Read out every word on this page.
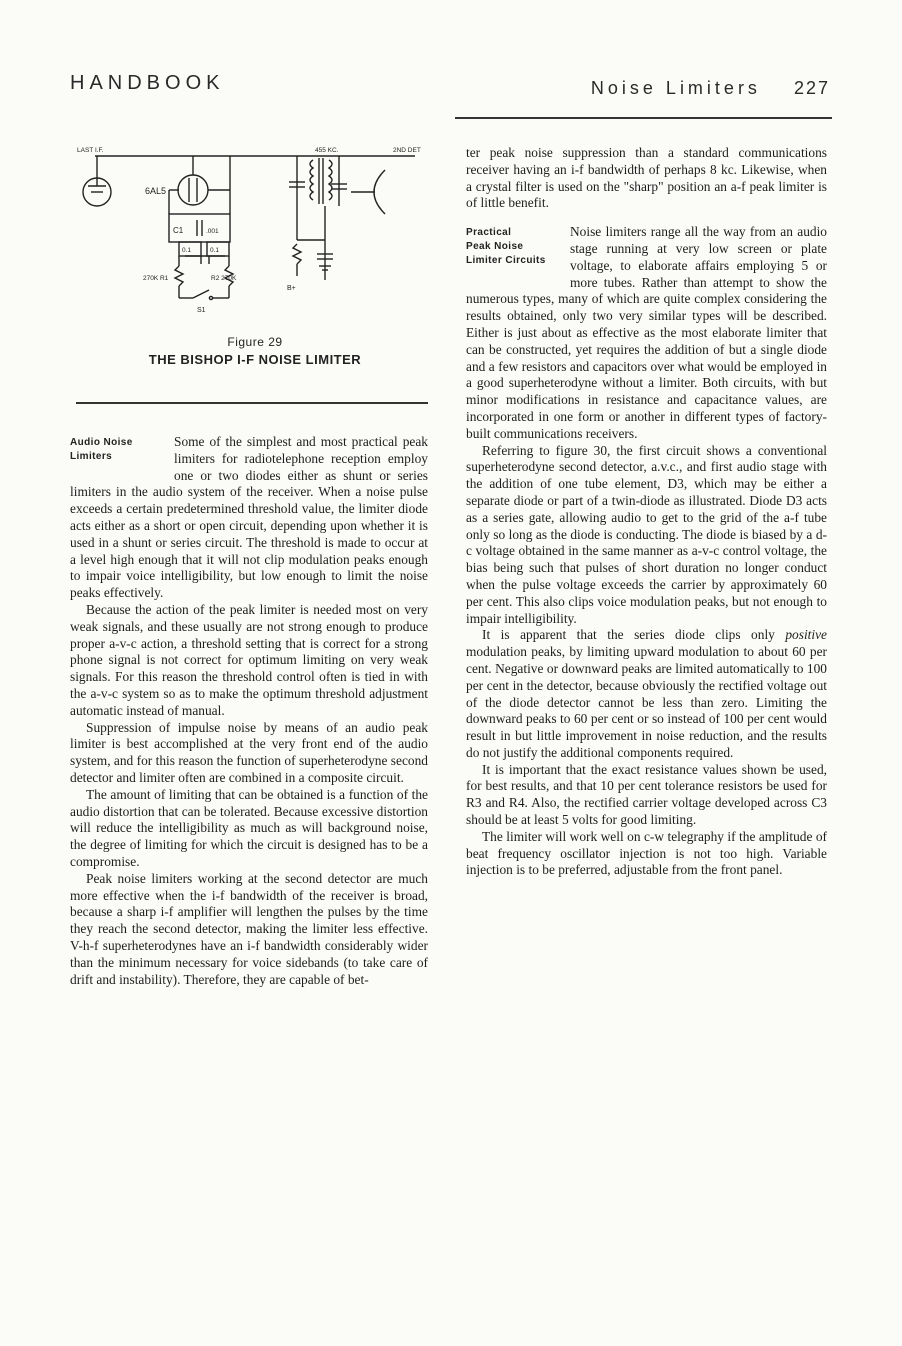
HANDBOOK	Noise Limiters 227
LAST I.F.	455 KC.	2ND DET
6AL5
C1	.001
0.1	0.1
270K R1	R2 270K
S1
B+
Figure 29
THE BISHOP I-F NOISE LIMITER
Audio Noise
Limiters

Some of the simplest and most practical peak limiters for radiotelephone reception employ one or two diodes either as shunt or series limiters in the audio system of the receiver. When a noise pulse exceeds a certain predetermined threshold value, the limiter diode acts either as a short or open circuit, depending upon whether it is used in a shunt or series circuit. The threshold is made to occur at a level high enough that it will not clip modulation peaks enough to impair voice intelligibility, but low enough to limit the noise peaks effectively.

Because the action of the peak limiter is needed most on very weak signals, and these usually are not strong enough to produce proper a-v-c action, a threshold setting that is correct for a strong phone signal is not correct for optimum limiting on very weak signals. For this reason the threshold control often is tied in with the a-v-c system so as to make the optimum threshold adjustment automatic instead of manual.

Suppression of impulse noise by means of an audio peak limiter is best accomplished at the very front end of the audio system, and for this reason the function of superheterodyne second detector and limiter often are combined in a composite circuit.

The amount of limiting that can be obtained is a function of the audio distortion that can be tolerated. Because excessive distortion will reduce the intelligibility as much as will background noise, the degree of limiting for which the circuit is designed has to be a compromise.

Peak noise limiters working at the second detector are much more effective when the i-f bandwidth of the receiver is broad, because a sharp i-f amplifier will lengthen the pulses by the time they reach the second detector, making the limiter less effective. V-h-f superheterodynes have an i-f bandwidth considerably wider than the minimum necessary for voice sidebands (to take care of drift and instability). Therefore, they are capable of bet-

ter peak noise suppression than a standard communications receiver having an i-f bandwidth of perhaps 8 kc. Likewise, when a crystal filter is used on the "sharp" position an a-f peak limiter is of little benefit.

Practical
Peak Noise
Limiter Circuits

Noise limiters range all the way from an audio stage running at very low screen or plate voltage, to elaborate affairs employing 5 or more tubes. Rather than attempt to show the numerous types, many of which are quite complex considering the results obtained, only two very similar types will be described. Either is just about as effective as the most elaborate limiter that can be constructed, yet requires the addition of but a single diode and a few resistors and capacitors over what would be employed in a good superheterodyne without a limiter. Both circuits, with but minor modifications in resistance and capacitance values, are incorporated in one form or another in different types of factory-built communications receivers.

Referring to figure 30, the first circuit shows a conventional superheterodyne second detector, a.v.c., and first audio stage with the addition of one tube element, D3, which may be either a separate diode or part of a twin-diode as illustrated. Diode D3 acts as a series gate, allowing audio to get to the grid of the a-f tube only so long as the diode is conducting. The diode is biased by a d-c voltage obtained in the same manner as a-v-c control voltage, the bias being such that pulses of short duration no longer conduct when the pulse voltage exceeds the carrier by approximately 60 per cent. This also clips voice modulation peaks, but not enough to impair intelligibility.

It is apparent that the series diode clips only positive modulation peaks, by limiting upward modulation to about 60 per cent. Negative or downward peaks are limited automatically to 100 per cent in the detector, because obviously the rectified voltage out of the diode detector cannot be less than zero. Limiting the downward peaks to 60 per cent or so instead of 100 per cent would result in but little improvement in noise reduction, and the results do not justify the additional components required.

It is important that the exact resistance values shown be used, for best results, and that 10 per cent tolerance resistors be used for R3 and R4. Also, the rectified carrier voltage developed across C3 should be at least 5 volts for good limiting.

The limiter will work well on c-w telegraphy if the amplitude of beat frequency oscillator injection is not too high. Variable injection is to be preferred, adjustable from the front panel.
